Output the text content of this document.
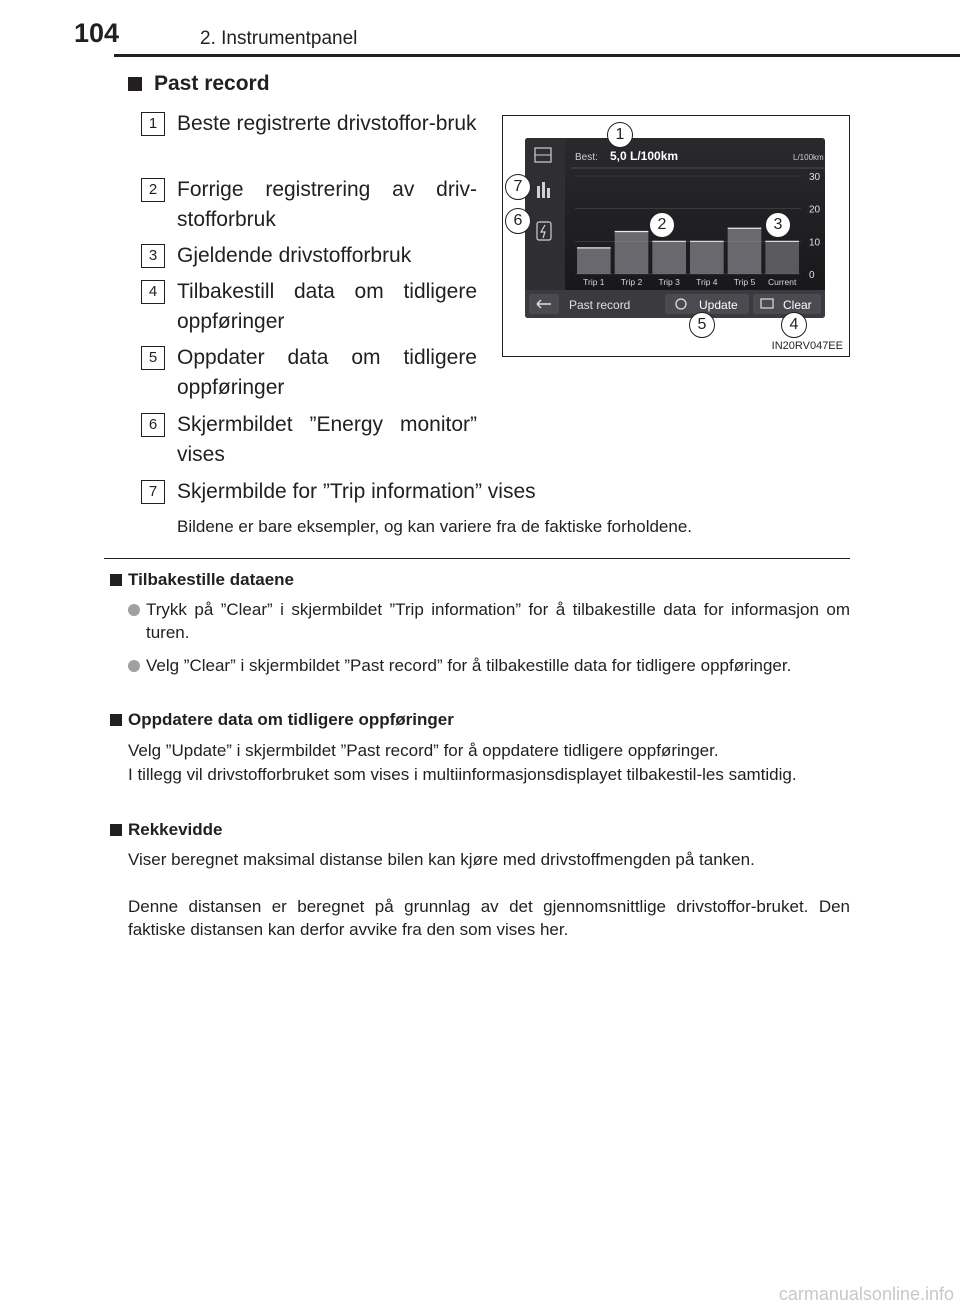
104	2. Instrumentpanel
Past record
1 Beste registrerte drivstoffor-bruk
2 Forrige registrering av driv-stofforbruk
3 Gjeldende drivstofforbruk
4 Tilbakestill data om tidligere oppføringer
5 Oppdater data om tidligere oppføringer
6 Skjermbildet ”Energy monitor” vises
7 Skjermbilde for ”Trip information” vises
Bildene er bare eksempler, og kan variere fra de faktiske forholdene.
Best: 5,0 L/100km	L/100km
30
20
10
0
Trip 1 Trip 2 Trip 3 Trip 4 Trip 5 Current
Past record	Update	Clear
1
2	3
4
5
6
7
IN20RV047EE
Tilbakestille dataene
Trykk på ”Clear” i skjermbildet ”Trip information” for å tilbakestille data for informasjon om turen.
Velg ”Clear” i skjermbildet ”Past record” for å tilbakestille data for tidligere oppføringer.
Oppdatere data om tidligere oppføringer
Velg ”Update” i skjermbildet ”Past record” for å oppdatere tidligere oppføringer.
I tillegg vil drivstofforbruket som vises i multiinformasjonsdisplayet tilbakestil-les samtidig.
Rekkevidde
Viser beregnet maksimal distanse bilen kan kjøre med drivstoffmengden på tanken.
Denne distansen er beregnet på grunnlag av det gjennomsnittlige drivstoffor-bruket. Den faktiske distansen kan derfor avvike fra den som vises her.
carmanualsonline.info
